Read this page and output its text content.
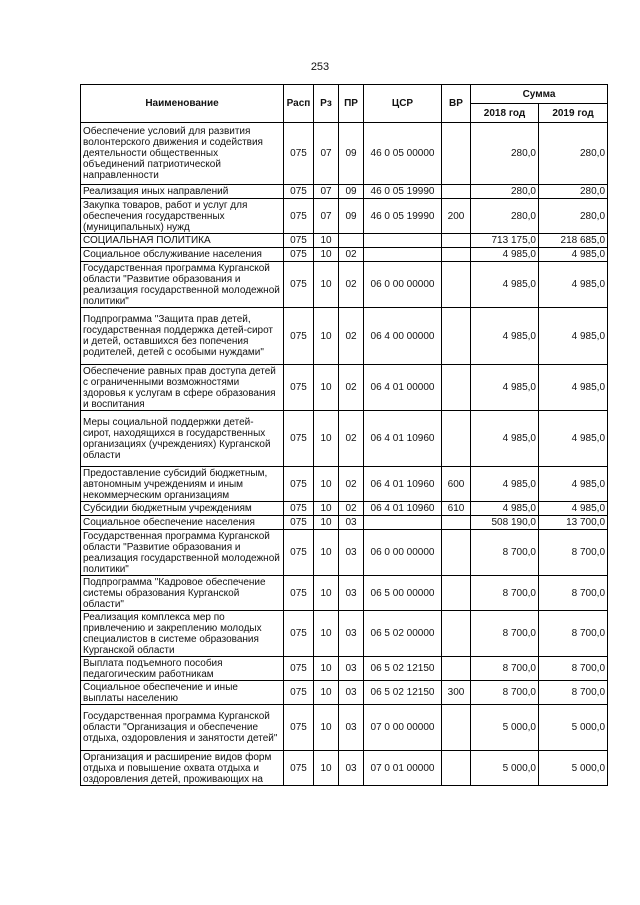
253
Наименование	Расп	Рз	ПР	ЦСР	ВР	Сумма	
						2018 год	2019 год
Обеспечение условий для развития волонтерского движения и содействия деятельности общественных объединений патриотической направленности	075	07	09	46 0 05 00000		280,0	280,0
Реализация иных направлений	075	07	09	46 0 05 19990		280,0	280,0
Закупка товаров, работ и услуг для обеспечения государственных (муниципальных) нужд	075	07	09	46 0 05 19990	200	280,0	280,0
СОЦИАЛЬНАЯ ПОЛИТИКА	075	10				713 175,0	218 685,0
Социальное обслуживание населения	075	10	02			4 985,0	4 985,0
Государственная программа Курганской области "Развитие образования и реализация государственной молодежной политики"	075	10	02	06 0 00 00000		4 985,0	4 985,0
Подпрограмма "Защита прав детей, государственная поддержка детей-сирот и детей, оставшихся без попечения родителей, детей с особыми нуждами"	075	10	02	06 4 00 00000		4 985,0	4 985,0
Обеспечение равных прав доступа детей с ограниченными возможностями здоровья к услугам в сфере образования и воспитания	075	10	02	06 4 01 00000		4 985,0	4 985,0
Меры социальной поддержки детей-сирот, находящихся в государственных организациях (учреждениях) Курганской области	075	10	02	06 4 01 10960		4 985,0	4 985,0
Предоставление субсидий бюджетным, автономным учреждениям и иным некоммерческим организациям	075	10	02	06 4 01 10960	600	4 985,0	4 985,0
Субсидии бюджетным учреждениям	075	10	02	06 4 01 10960	610	4 985,0	4 985,0
Социальное обеспечение населения	075	10	03			508 190,0	13 700,0
Государственная программа Курганской области "Развитие образования и реализация государственной молодежной политики"	075	10	03	06 0 00 00000		8 700,0	8 700,0
Подпрограмма "Кадровое обеспечение системы образования Курганской области"	075	10	03	06 5 00 00000		8 700,0	8 700,0
Реализация комплекса мер по привлечению и закреплению молодых специалистов в системе образования Курганской области	075	10	03	06 5 02 00000		8 700,0	8 700,0
Выплата подъемного пособия педагогическим работникам	075	10	03	06 5 02 12150		8 700,0	8 700,0
Социальное обеспечение и иные выплаты населению	075	10	03	06 5 02 12150	300	8 700,0	8 700,0
Государственная программа Курганской области "Организация и обеспечение отдыха, оздоровления и занятости детей"	075	10	03	07 0 00 00000		5 000,0	5 000,0
Организация и расширение видов форм отдыха и повышение охвата отдыха и оздоровления детей, проживающих на	075	10	03	07 0 01 00000		5 000,0	5 000,0
